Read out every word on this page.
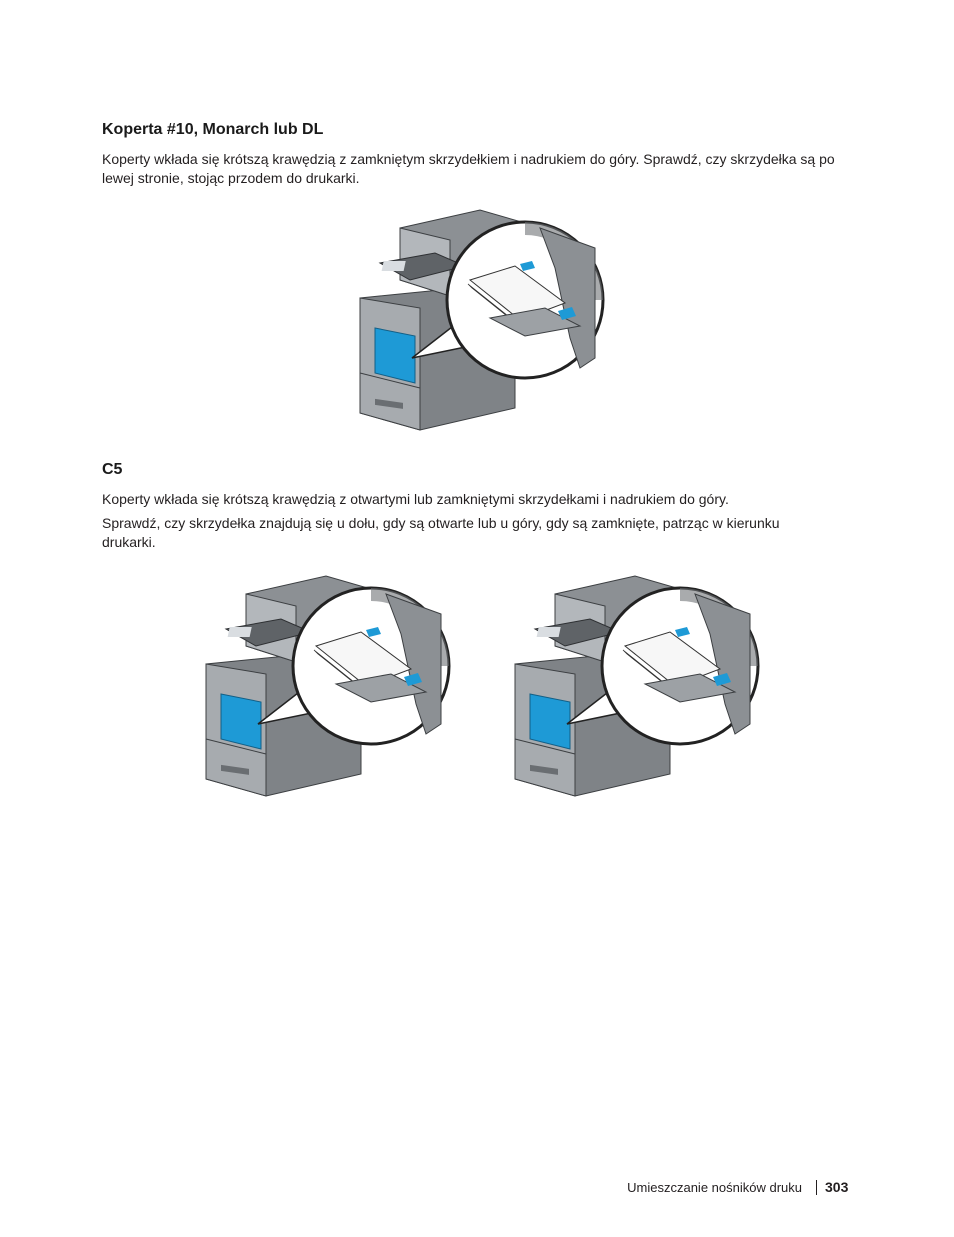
Koperta #10, Monarch lub DL

Koperty wkłada się krótszą krawędzią z zamkniętym skrzydełkiem i nadrukiem do góry. Sprawdź, czy skrzydełka są po lewej stronie, stojąc przodem do drukarki.

C5

Koperty wkłada się krótszą krawędzią z otwartymi lub zamkniętymi skrzydełkami i nadrukiem do góry.

Sprawdź, czy skrzydełka znajdują się u dołu, gdy są otwarte lub u góry, gdy są zamknięte, patrząc w kierunku drukarki.

Umieszczanie nośników druku 303
